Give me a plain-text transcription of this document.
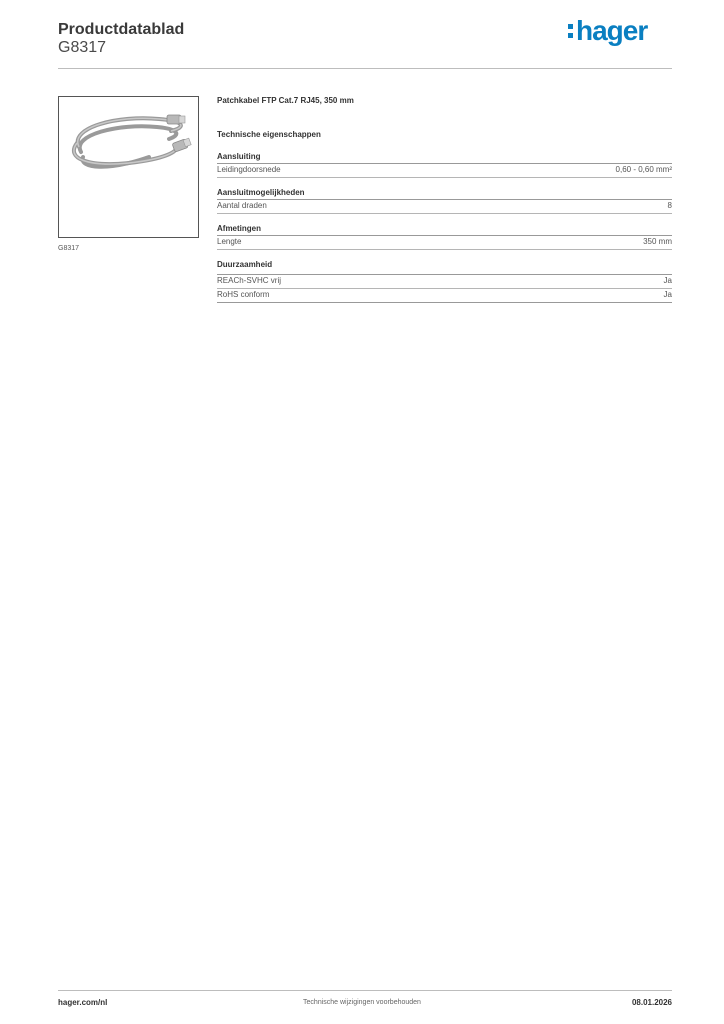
Productdatablad
G8317
hager
G8317
Patchkabel FTP Cat.7 RJ45, 350 mm
Technische eigenschappen
Aansluiting
Leidingdoorsnede	0,60 - 0,60 mm²
Aansluitmogelijkheden
Aantal draden	8
Afmetingen
Lengte	350 mm
Duurzaamheid
REACh-SVHC vrij	Ja
RoHS conform	Ja
hager.com/nl	Technische wijzigingen voorbehouden	08.01.2026
